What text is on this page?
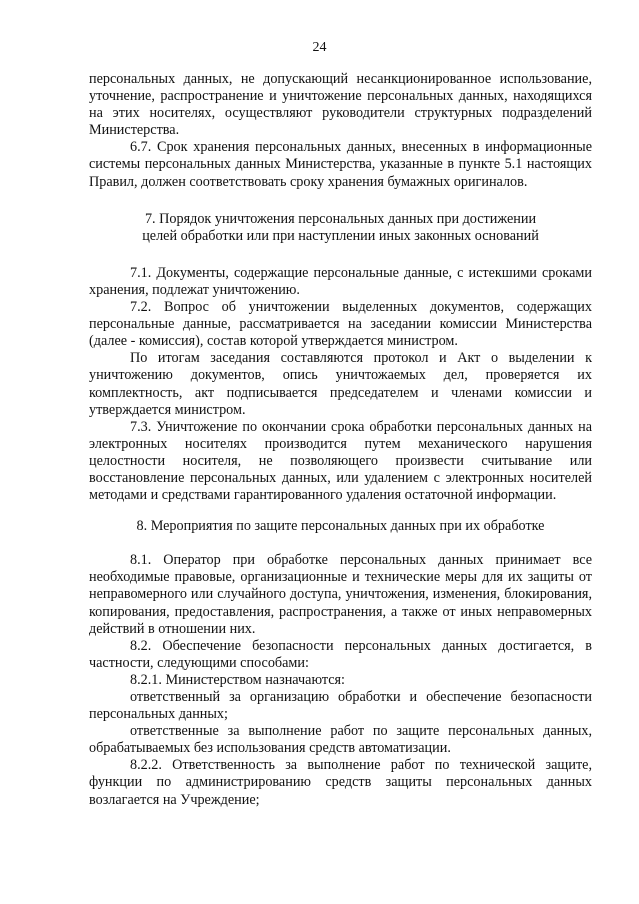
24

персональных данных, не допускающий несанкционированное использование, уточнение, распространение и уничтожение персональных данных, находящихся на этих носителях, осуществляют руководители структурных подразделений Министерства.

6.7. Срок хранения персональных данных, внесенных в информационные системы персональных данных Министерства, указанные в пункте 5.1 настоящих Правил, должен соответствовать сроку хранения бумажных оригиналов.

7. Порядок уничтожения персональных данных при достижении
целей обработки или при наступлении иных законных оснований

7.1. Документы, содержащие персональные данные, с истекшими сроками хранения, подлежат уничтожению.

7.2. Вопрос об уничтожении выделенных документов, содержащих персональные данные, рассматривается на заседании комиссии Министерства (далее - комиссия), состав которой утверждается министром.

По итогам заседания составляются протокол и Акт о выделении к уничтожению документов, опись уничтожаемых дел, проверяется их комплектность, акт подписывается председателем и членами комиссии и утверждается министром.

7.3. Уничтожение по окончании срока обработки персональных данных на электронных носителях производится путем механического нарушения целостности носителя, не позволяющего произвести считывание или восстановление персональных данных, или удалением с электронных носителей методами и средствами гарантированного удаления остаточной информации.

8. Мероприятия по защите персональных данных при их обработке

8.1. Оператор при обработке персональных данных принимает все необходимые правовые, организационные и технические меры для их защиты от неправомерного или случайного доступа, уничтожения, изменения, блокирования, копирования, предоставления, распространения, а также от иных неправомерных действий в отношении них.

8.2. Обеспечение безопасности персональных данных достигается, в частности, следующими способами:

8.2.1. Министерством назначаются:

ответственный за организацию обработки и обеспечение безопасности персональных данных;

ответственные за выполнение работ по защите персональных данных, обрабатываемых без использования средств автоматизации.

8.2.2. Ответственность за выполнение работ по технической защите, функции по администрированию средств защиты персональных данных возлагается на Учреждение;
